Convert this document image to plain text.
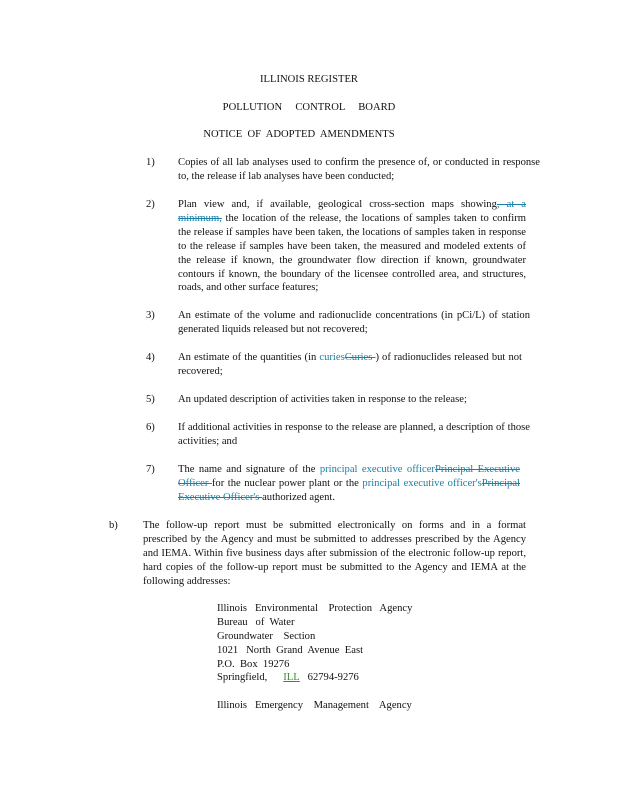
ILLINOIS REGISTER
POLLUTION     CONTROL     BOARD
NOTICE  OF  ADOPTED  AMENDMENTS
1) Copies of all lab analyses used to confirm the presence of, or conducted in response to, the release if lab analyses have been conducted;
2) Plan view and, if available, geological cross-section maps showing, at a minimum, the location of the release, the locations of samples taken to confirm the release if samples have been taken, the locations of samples taken in response to the release if samples have been taken, the measured and modeled extents of the release if known, the groundwater flow direction if known, groundwater contours if known, the boundary of the licensee controlled area, and structures, roads, and other surface features;
3) An estimate of the volume and radionuclide concentrations (in pCi/L) of station generated liquids released but not recovered;
4) An estimate of the quantities (in curiesCuries ) of radionuclides released but not recovered;
5) An updated description of activities taken in response to the release;
6) If additional activities in response to the release are planned, a description of those activities; and
7) The name and signature of the principal executive officerPrincipal Executive Officer for the nuclear power plant or the principal executive officer'sPrincipal Executive Officer's authorized agent.
b) The follow-up report must be submitted electronically on forms and in a format prescribed by the Agency and must be submitted to addresses prescribed by the Agency and IEMA. Within five business days after submission of the electronic follow-up report, hard copies of the follow-up report must be submitted to the Agency and IEMA at the following addresses:
Illinois   Environmental    Protection   Agency
Bureau   of  Water
Groundwater    Section
1021   North  Grand  Avenue  East
P.O.  Box  19276
Springfield, ILL 62794-9276
Illinois   Emergency    Management    Agency
